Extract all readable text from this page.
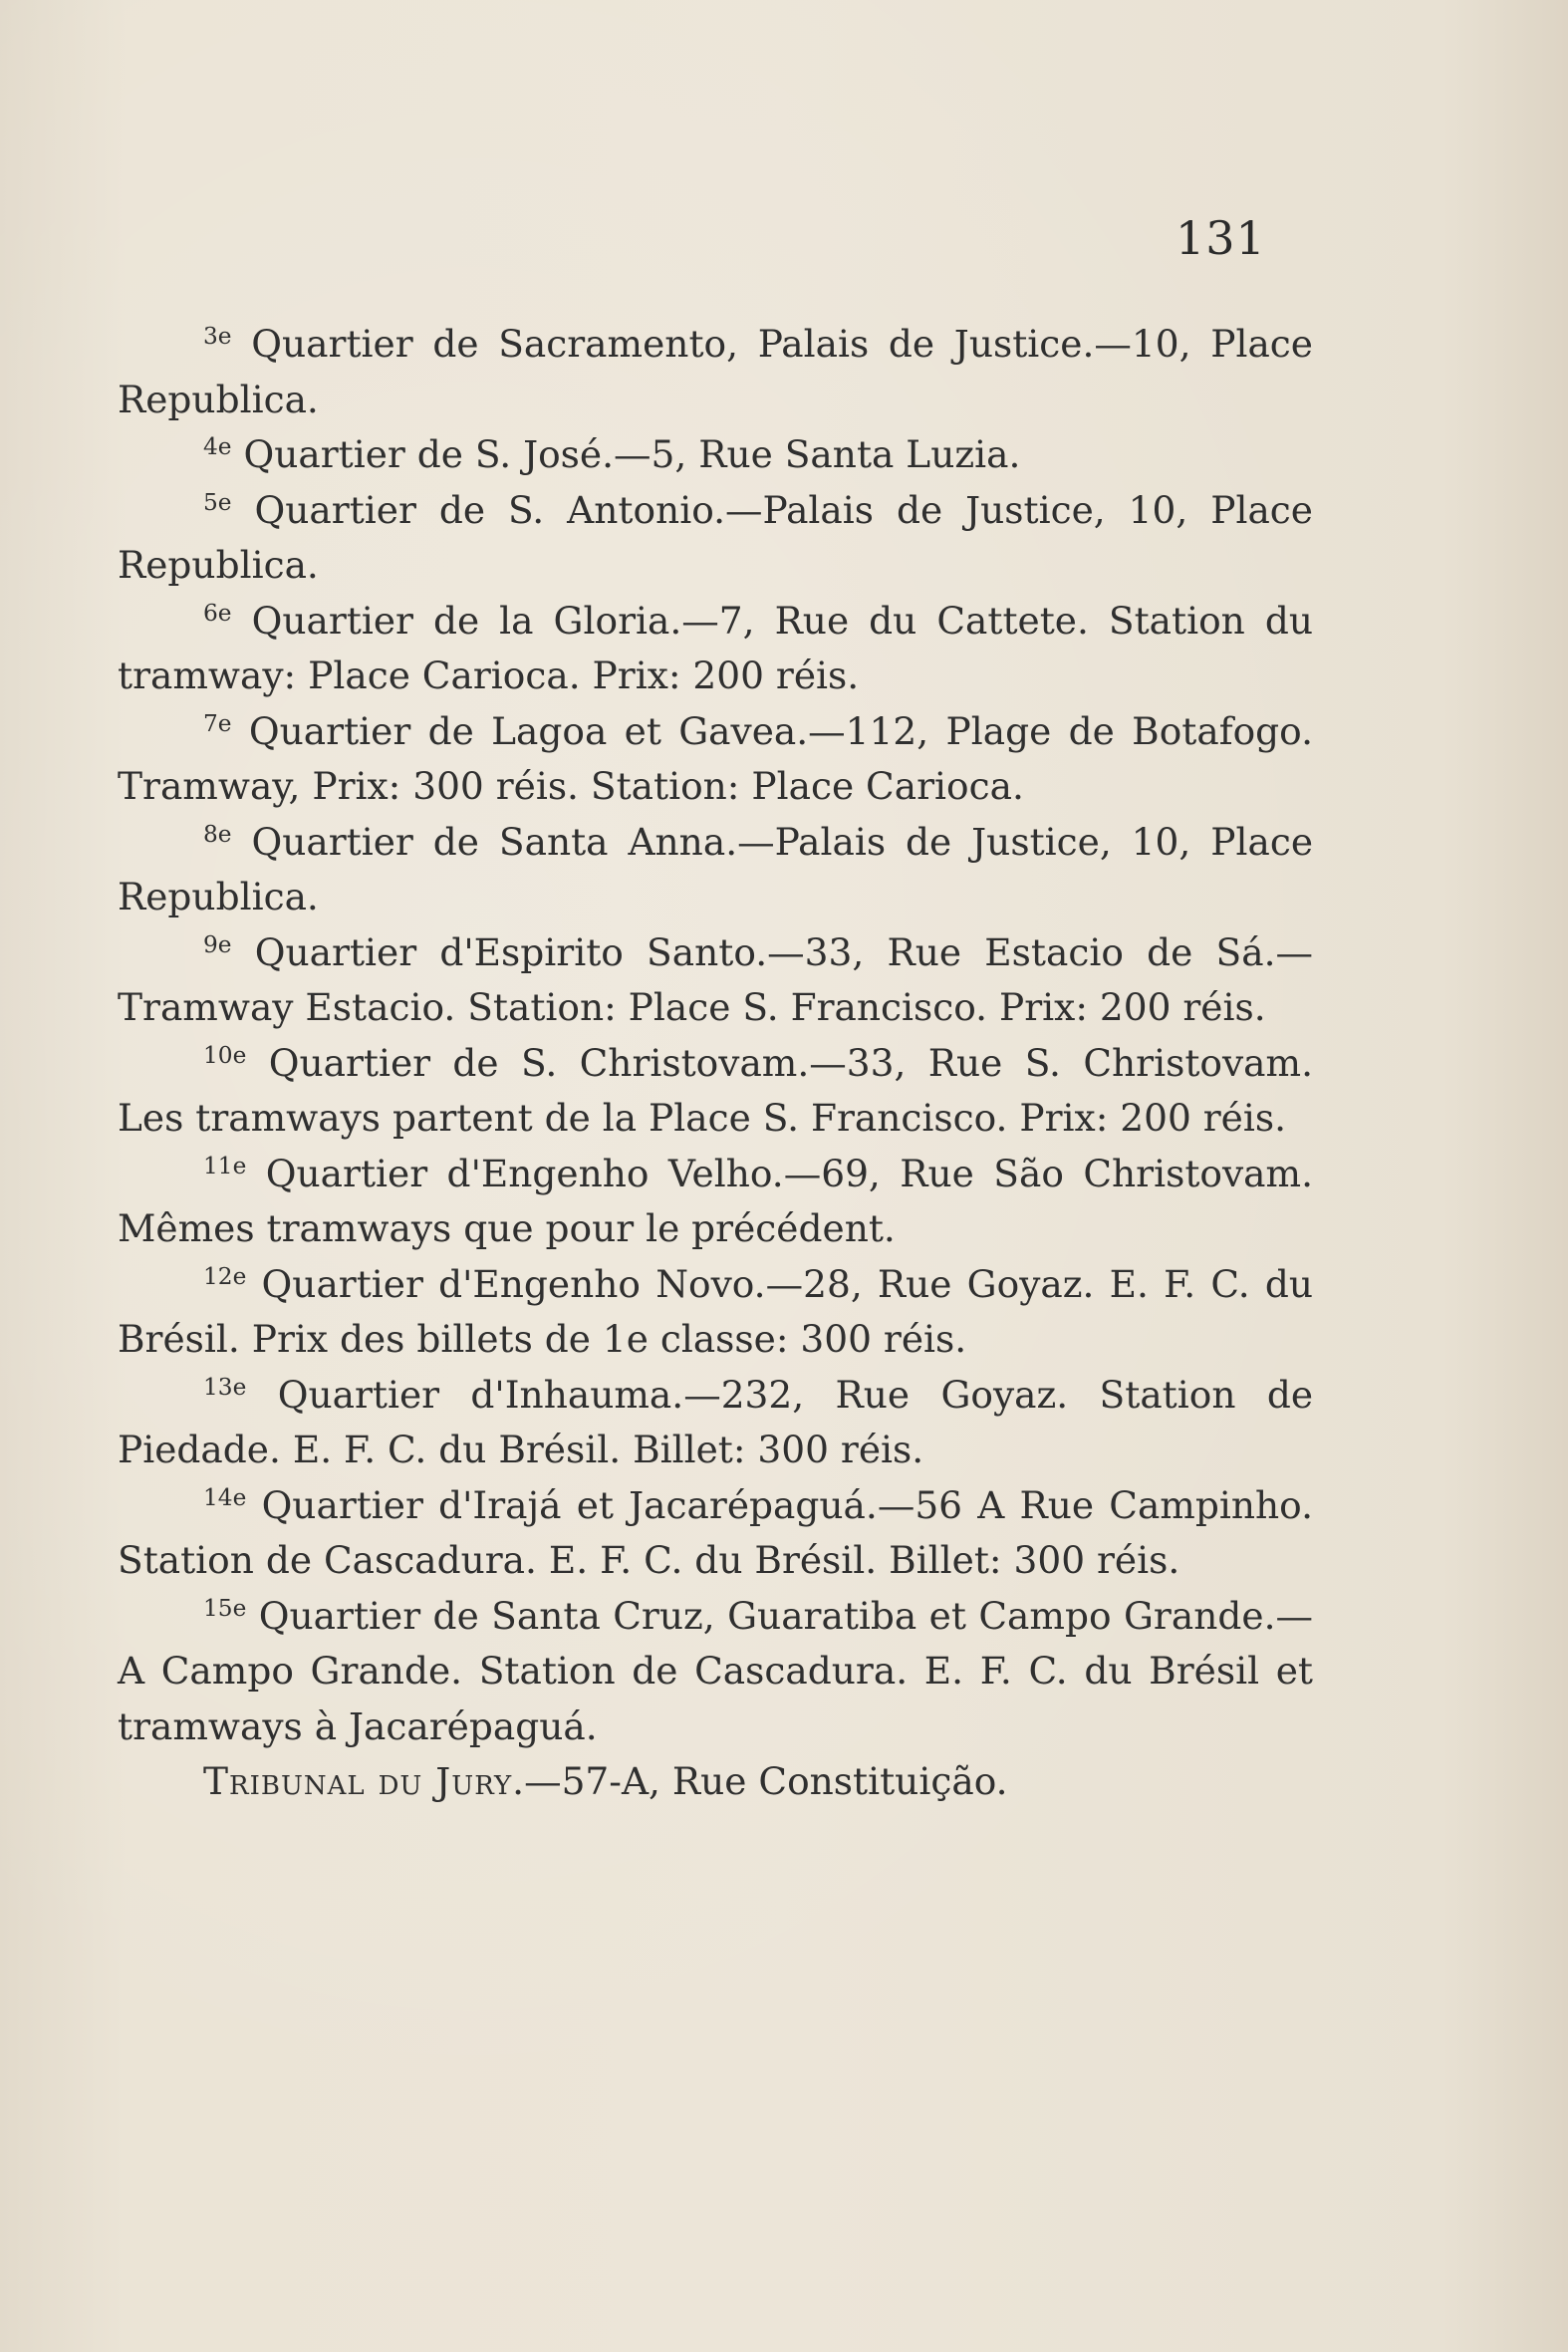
131

$^{3e}$ Quartier de Sacramento, Palais de Justice.—10, Place Republica.

$^{4e}$ Quartier de S. José.—5, Rue Santa Luzia.

$^{5e}$ Quartier de S. Antonio.—Palais de Justice, 10, Place Republica.

$^{6e}$ Quartier de la Gloria.—7, Rue du Cattete. Station du tramway: Place Carioca. Prix: 200 réis.

$^{7e}$ Quartier de Lagoa et Gavea.—112, Plage de Botafogo. Tramway, Prix: 300 réis. Station: Place Carioca.

$^{8e}$ Quartier de Santa Anna.—Palais de Justice, 10, Place Republica.

$^{9e}$ Quartier d'Espirito Santo.—33, Rue Estacio de Sá.—Tramway Estacio. Station: Place S. Francisco. Prix: 200 réis.

$^{10e}$ Quartier de S. Christovam.—33, Rue S. Christovam. Les tramways partent de la Place S. Francisco. Prix: 200 réis.

$^{11e}$ Quartier d'Engenho Velho.—69, Rue São Christovam. Mêmes tramways que pour le précédent.

$^{12e}$ Quartier d'Engenho Novo.—28, Rue Goyaz. E. F. C. du Brésil. Prix des billets de 1e classe: 300 réis.

$^{13e}$ Quartier d'Inhauma.—232, Rue Goyaz. Station de Piedade. E. F. C. du Brésil. Billet: 300 réis.

$^{14e}$ Quartier d'Irajá et Jacarépaguá.—56 A Rue Campinho. Station de Cascadura. E. F. C. du Brésil. Billet: 300 réis.

$^{15e}$ Quartier de Santa Cruz, Guaratiba et Campo Grande.—A Campo Grande. Station de Cascadura. E. F. C. du Brésil et tramways à Jacarépaguá.

Tribunal du Jury.—57-A, Rue Constituição.
